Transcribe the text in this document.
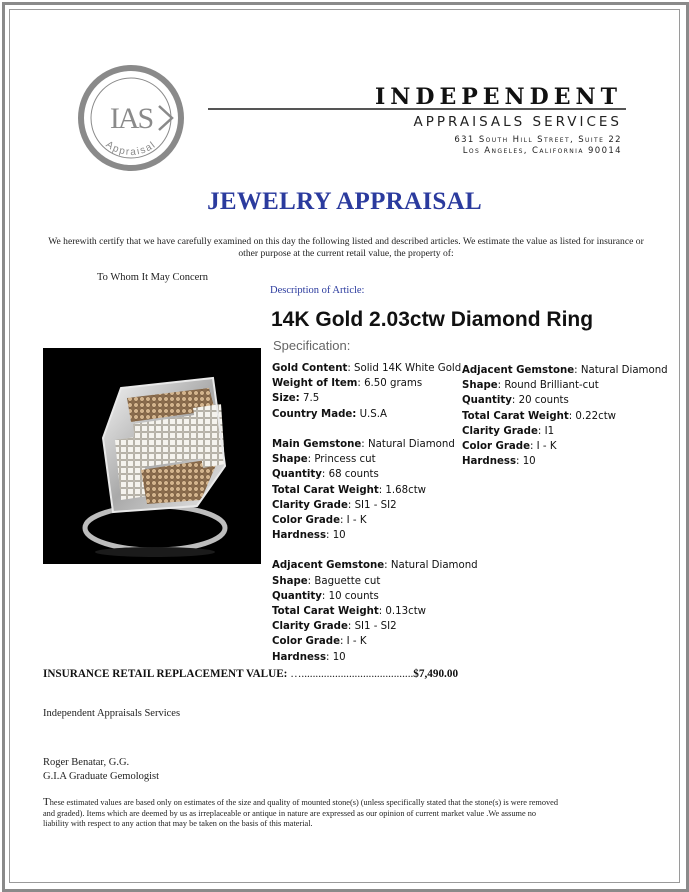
IAS
Appraisal
INDEPENDENT
APPRAISALS SERVICES
631 South Hill Street, Suite 22
Los Angeles, California 90014
JEWELRY APPRAISAL
We herewith certify that we have carefully examined on this day the following listed and described articles. We estimate the value as listed for insurance or other purpose at the current retail value, the property of:
To Whom It May Concern
Description of Article:
14K Gold 2.03ctw Diamond Ring
Specification:
Gold Content: Solid 14K White Gold
Weight of Item: 6.50 grams
Size: 7.5
Country Made: U.S.A
Main Gemstone: Natural Diamond
Shape: Princess cut
Quantity: 68 counts
Total Carat Weight: 1.68ctw
Clarity Grade: SI1 - SI2
Color Grade: I - K
Hardness: 10
Adjacent Gemstone: Natural Diamond
Shape: Baguette cut
Quantity: 10 counts
Total Carat Weight: 0.13ctw
Clarity Grade: SI1 - SI2
Color Grade: I - K
Hardness: 10
Adjacent Gemstone: Natural Diamond
Shape: Round Brilliant-cut
Quantity: 20 counts
Total Carat Weight: 0.22ctw
Clarity Grade: I1
Color Grade: I - K
Hardness: 10
INSURANCE RETAIL REPLACEMENT VALUE: …........................................$7,490.00
Independent Appraisals Services
Roger Benatar, G.G.
G.I.A Graduate Gemologist
These estimated values are based only on estimates of the size and quality of mounted stone(s) (unless specifically stated that the stone(s) is were removed and graded). Items which are deemed by us as irreplaceable or antique in nature are expressed as our opinion of current market value .We assume no liability with respect to any action that may be taken on the basis of this material.
